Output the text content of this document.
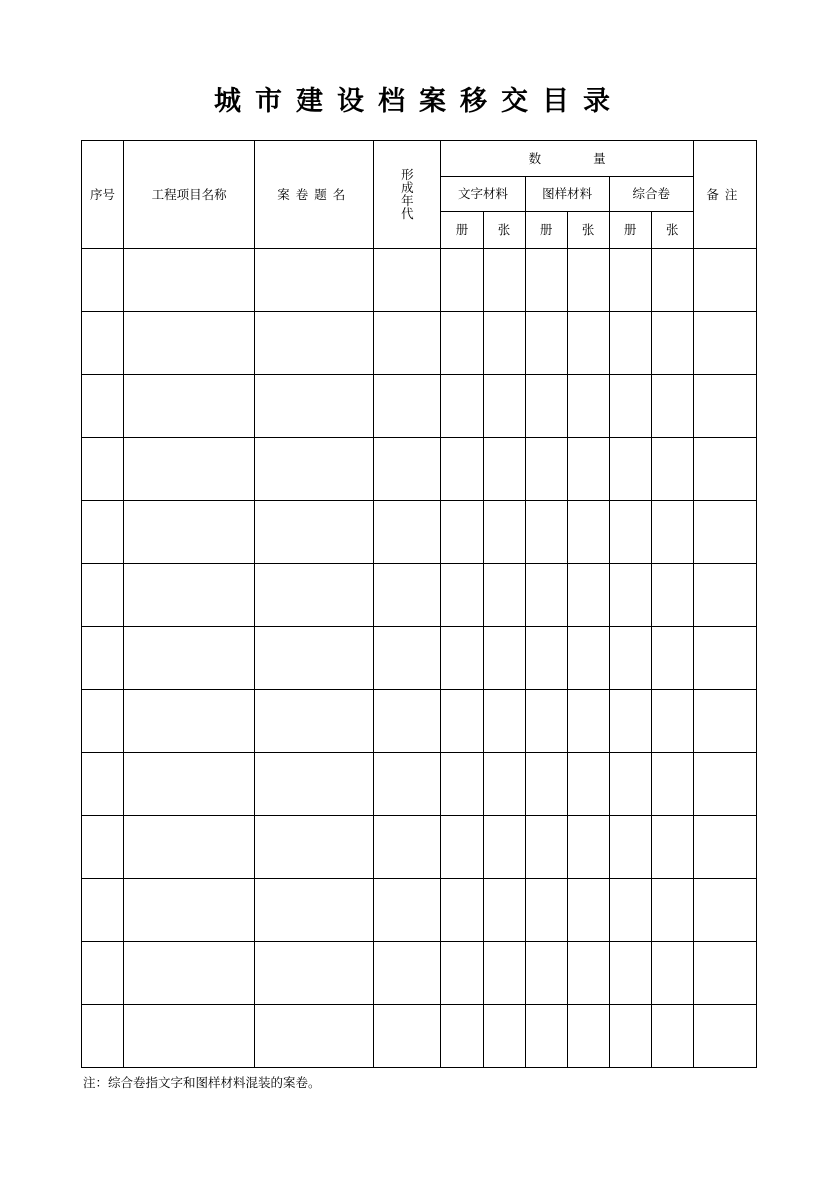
城市建设档案移交目录
序号	工程项目名称	案卷题名	形成年代	数量						备注
				文字材料		图样材料		综合卷		
				册	张	册	张	册	张	

注：综合卷指文字和图样材料混装的案卷。
